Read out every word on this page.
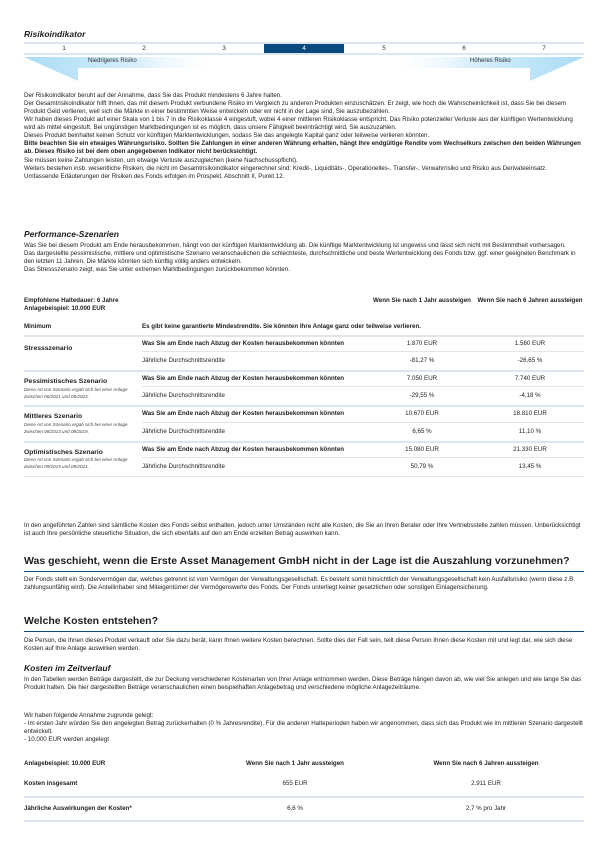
Risikoindikator
1	2	3	4	5	6	7
Niedrigeres Risiko	Höheres Risiko

Der Risikoindikator beruht auf der Annahme, dass Sie das Produkt mindestens 6 Jahre halten.

Der Gesamtrisikoindikator hilft Ihnen, das mit diesem Produkt verbundene Risiko im Vergleich zu anderen Produkten einzuschätzen. Er zeigt, wie hoch die Wahrscheinlichkeit ist, dass Sie bei diesem Produkt Geld verlieren, weil sich die Märkte in einer bestimmten Weise entwickeln oder wir nicht in der Lage sind, Sie auszubezahlen.

Wir haben dieses Produkt auf einer Skala von 1 bis 7 in die Risikoklasse 4 eingestuft, wobei 4 einer mittleren Risikoklasse entspricht. Das Risiko potenzieller Verluste aus der künftigen Wertentwicklung wird als mittel eingestuft. Bei ungünstigen Marktbedingungen ist es möglich, dass unsere Fähigkeit beeinträchtigt wird, Sie auszuzahlen.

Dieses Produkt beinhaltet keinen Schutz vor künftigen Marktentwicklungen, sodass Sie das angelegte Kapital ganz oder teilweise verlieren könnten.

Bitte beachten Sie ein etwaiges Währungsrisiko. Sollten Sie Zahlungen in einer anderen Währung erhalten, hängt Ihre endgültige Rendite vom Wechselkurs zwischen den beiden Währungen ab. Dieses Risiko ist bei dem oben angegebenen Indikator nicht berücksichtigt.

Sie müssen keine Zahlungen leisten, um etwaige Verluste auszugleichen (keine Nachschusspflicht).

Weiters bestehen insb. wesentliche Risiken, die nicht im Gesamtrisikoindikator eingerechnet sind: Kredit-, Liquiditäts-, Operationelles-, Transfer-, Verwahrrisiko und Risiko aus Derivateeinsatz.

Umfassende Erläuterungen der Risiken des Fonds erfolgen im Prospekt, Abschnitt II, Punkt 12.

Performance-Szenarien

Was Sie bei diesem Produkt am Ende herausbekommen, hängt von der künftigen Marktentwicklung ab. Die künftige Marktentwicklung ist ungewiss und lässt sich nicht mit Bestimmtheit vorhersagen.

Das dargestellte pessimistische, mittlere und optimistische Szenario veranschaulichen die schlechteste, durchschnittliche und beste Wertentwicklung des Fonds bzw. ggf. einer geeigneten Benchmark in den letzten 11 Jahren. Die Märkte könnten sich künftig völlig anders entwickeln.

Das Stressszenario zeigt, was Sie unter extremen Marktbedingungen zurückbekommen könnten.

Empfohlene Haltedauer: 6 Jahre
Anlagebeispiel: 10.000 EUR		Wenn Sie nach 1 Jahr aussteigen	Wenn Sie nach 6 Jahren aussteigen
Minimum	Es gibt keine garantierte Mindestrendite. Sie könnten Ihre Anlage ganz oder teilweise verlieren.		

Stressszenario	Was Sie am Ende nach Abzug der Kosten herausbekommen könnten	1.870 EUR	1.560 EUR
	Jährliche Durchschnittsrendite	-81,27 %	-26,65 %

Pessimistisches Szenario
Diese Art von Szenario ergab sich bei einer Anlage zwischen 06/2021 und 05/2023.	Was Sie am Ende nach Abzug der Kosten herausbekommen könnten	7.050 EUR	7.740 EUR
	Jährliche Durchschnittsrendite	-29,55 %	-4,18 %

Mittleres Szenario
Diese Art von Szenario ergab sich bei einer Anlage zwischen 08/2013 und 08/2019.	Was Sie am Ende nach Abzug der Kosten herausbekommen könnten	10.670 EUR	18.810 EUR
	Jährliche Durchschnittsrendite	6,65 %	11,10 %

Optimistisches Szenario
Diese Art von Szenario ergab sich bei einer Anlage zwischen 09/2015 und 09/2021.	Was Sie am Ende nach Abzug der Kosten herausbekommen könnten	15.080 EUR	21.330 EUR
	Jährliche Durchschnittsrendite	50,79 %	13,45 %
In den angeführten Zahlen sind sämtliche Kosten des Fonds selbst enthalten, jedoch unter Umständen nicht alle Kosten, die Sie an Ihren Berater oder Ihre Vertriebsstelle zahlen müssen. Unberücksichtigt ist auch Ihre persönliche steuerliche Situation, die sich ebenfalls auf den am Ende erzielten Betrag auswirken kann.
Was geschieht, wenn die Erste Asset Management GmbH nicht in der Lage ist die Auszahlung vorzunehmen?
Der Fonds stellt ein Sondervermögen dar, welches getrennt ist vom Vermögen der Verwaltungsgesellschaft. Es besteht somit hinsichtlich der Verwaltungsgesellschaft kein Ausfallsrisiko (wenn diese z.B. zahlungsunfähig wird). Die Anteilinhaber sind Miteigentümer der Vermögenswerte des Fonds. Der Fonds unterliegt keiner gesetzlichen oder sonstigen Einlagensicherung.
Welche Kosten entstehen?
Die Person, die Ihnen dieses Produkt verkauft oder Sie dazu berät, kann Ihnen weitere Kosten berechnen. Sollte dies der Fall sein, teilt diese Person Ihnen diese Kosten mit und legt dar, wie sich diese Kosten auf Ihre Anlage auswirken werden.
Kosten im Zeitverlauf
In den Tabellen werden Beträge dargestellt, die zur Deckung verschiedener Kostenarten von Ihrer Anlage entnommen werden. Diese Beträge hängen davon ab, wie viel Sie anlegen und wie lange Sie das Produkt halten. Die hier dargestellten Beträge veranschaulichen einen beispielhaften Anlagebetrag und verschiedene mögliche Anlagezeiträume.

Wir haben folgende Annahme zugrunde gelegt:

- Im ersten Jahr würden Sie den angelegten Betrag zurückerhalten (0 % Jahresrendite). Für die anderen Halteperioden haben wir angenommen, dass sich das Produkt wie im mittleren Szenario dargestellt entwickelt.

- 10.000 EUR werden angelegt

Anlagebeispiel: 10.000 EUR	Wenn Sie nach 1 Jahr aussteigen	Wenn Sie nach 6 Jahren aussteigen
Kosten insgesamt	655 EUR	2.911 EUR
Jährliche Auswirkungen der Kosten*	6,6 %	2,7 % pro Jahr
